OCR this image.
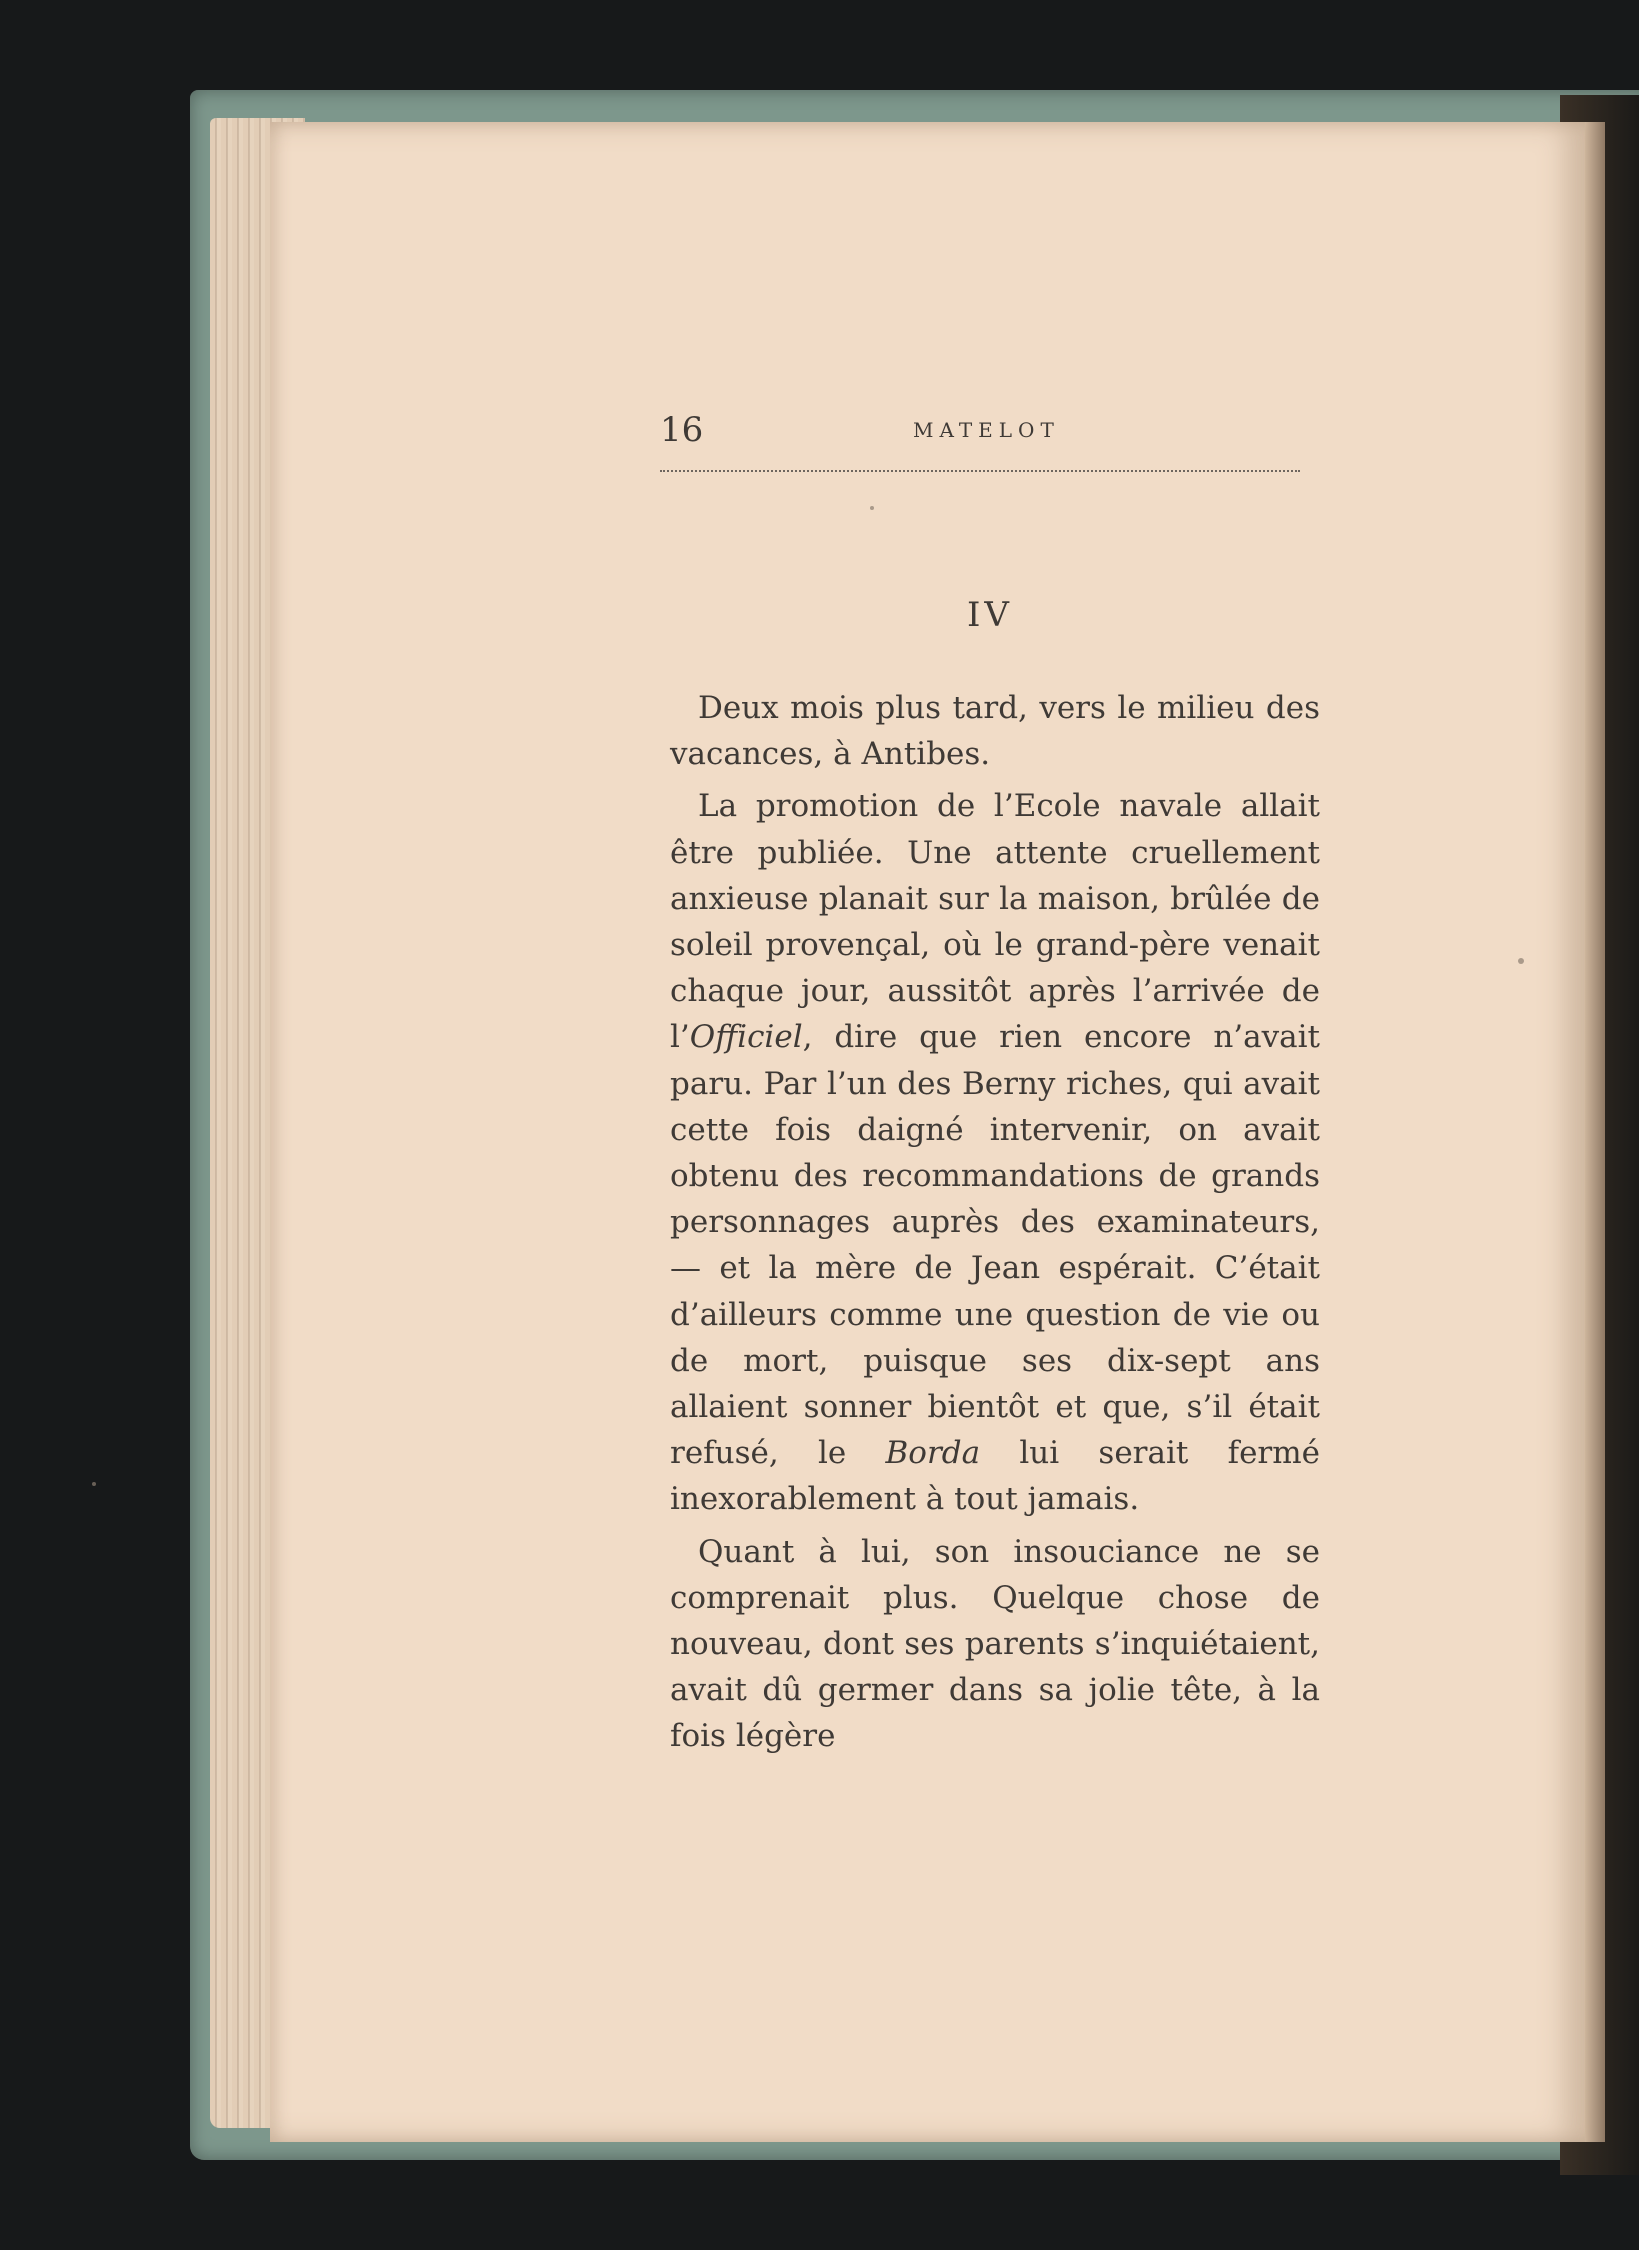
16	MATELOT
IV

Deux mois plus tard, vers le milieu des vacances, à Antibes.

La promotion de l’Ecole navale allait être publiée. Une attente cruellement anxieuse planait sur la maison, brûlée de soleil provençal, où le grand-père venait chaque jour, aussitôt après l’arrivée de l’Officiel, dire que rien encore n’avait paru. Par l’un des Berny riches, qui avait cette fois daigné intervenir, on avait obtenu des recommandations de grands personnages auprès des examinateurs, — et la mère de Jean espérait. C’était d’ailleurs comme une question de vie ou de mort, puisque ses dix-sept ans allaient sonner bientôt et que, s’il était refusé, le Borda lui serait fermé inexorablement à tout jamais.

Quant à lui, son insouciance ne se comprenait plus. Quelque chose de nouveau, dont ses parents s’inquiétaient, avait dû germer dans sa jolie tête, à la fois légère
